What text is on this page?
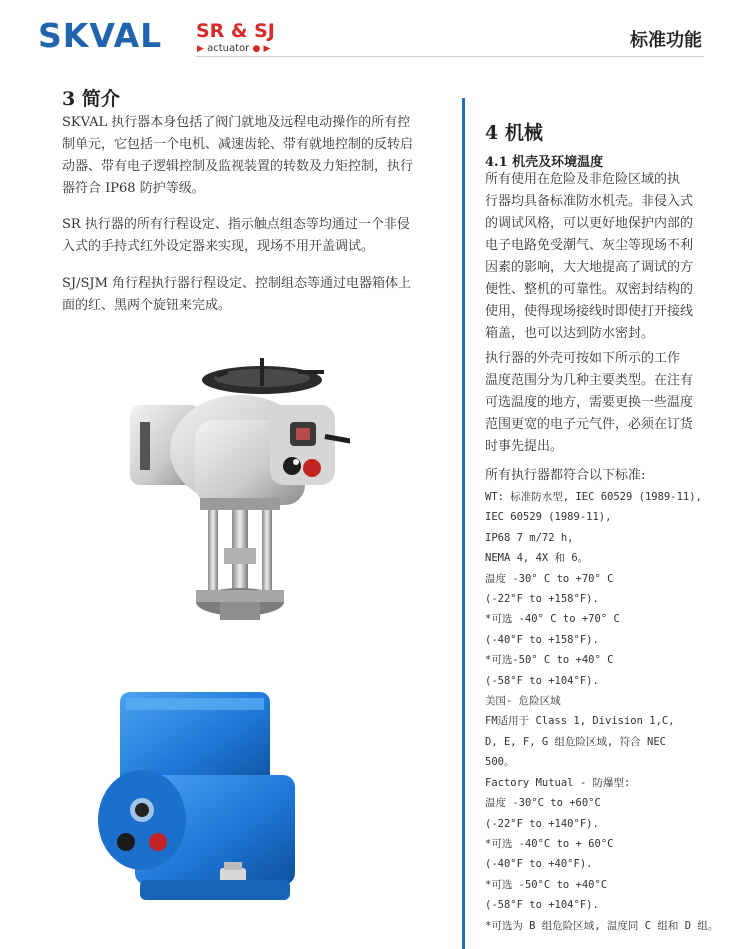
SKVAL SR & SJ
▶ actuator ● ▶	标准功能
3 简介
SKVAL 执行器本身包括了阀门就地及远程电动操作的所有控
制单元，它包括一个电机、减速齿轮、带有就地控制的反转启
动器、带有电子逻辑控制及监视装置的转数及力矩控制，执行
器符合 IP68 防护等级。
SR 执行器的所有行程设定、指示触点组态等均通过一个非侵
入式的手持式红外设定器来实现，现场不用开盖调试。
SJ/SJM 角行程执行器行程设定、控制组态等通过电器箱体上
面的红、黑两个旋钮来完成。
4 机械
4.1 机壳及环境温度
所有使用在危险及非危险区域的执
行器均具备标准防水机壳。非侵入式
的调试风格，可以更好地保护内部的
电子电路免受潮气、灰尘等现场不利
因素的影响，大大地提高了调试的方
便性、整机的可靠性。双密封结构的
使用，使得现场接线时即使打开接线
箱盖，也可以达到防水密封。
执行器的外壳可按如下所示的工作
温度范围分为几种主要类型。在注有
可选温度的地方，需要更换一些温度
范围更宽的电子元气件，必须在订货
时事先提出。
所有执行器都符合以下标准:
WT: 标准防水型, IEC 60529 (1989-11),
IEC 60529 (1989-11),
IP68 7 m/72 h,
NEMA 4, 4X 和 6。
温度 -30° C to +70° C
(-22°F to +158°F).
*可选 -40° C to +70° C
(-40°F to +158°F).
*可选-50° C to +40° C
(-58°F to +104°F).
美国- 危险区域
FM适用于 Class 1, Division 1,C,
D, E, F, G 组危险区域, 符合 NEC
500。
Factory Mutual - 防爆型:
温度 -30°C to +60°C
(-22°F to +140°F).
*可选 -40°C to + 60°C
(-40°F to +40°F).
*可选 -50°C to +40°C
(-58°F to +104°F).
*可选为 B 组危险区域, 温度同 C 组和 D 组。
